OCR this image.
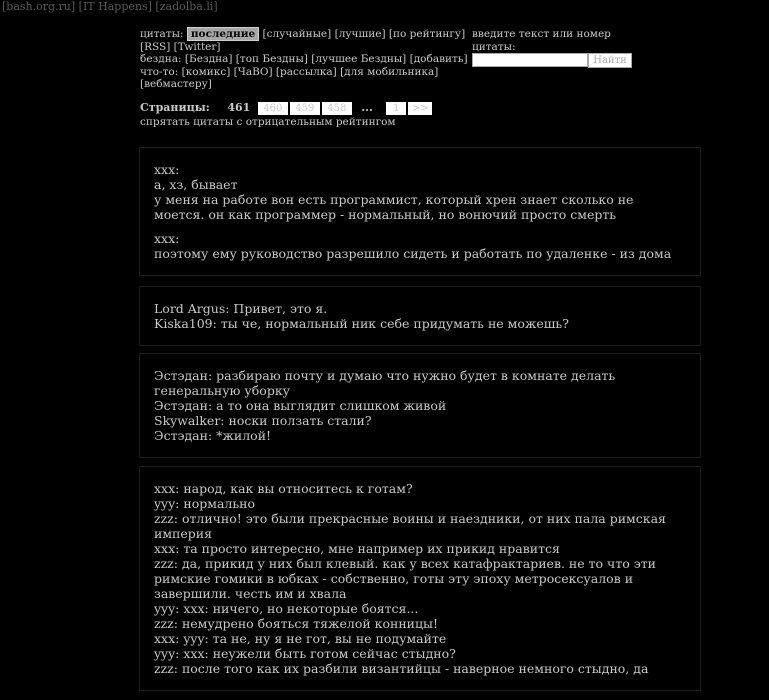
[bash.org.ru] [IT Happens] [zadolba.li]
цитаты: последние [случайные] [лучшие] [по рейтингу] [RSS] [Twitter]
бездна: [Бездна] [топ Бездны] [лучшее Бездны] [добавить]
что-то: [комикс] [ЧаВО] [рассылка] [для мобильника] [вебмастеру]
введите текст или номер цитаты:
Найти
Страницы: 461 460 459 458 ... 1 >>
спрятать цитаты с отрицательным рейтингом
xxx:
а, хз, бывает
у меня на работе вон есть программист, который хрен знает сколько не моется. он как программер - нормальный, но вонючий просто смерть
xxx:
поэтому ему руководство разрешило сидеть и работать по удаленке - из дома
Lord Argus: Привет, это я.
Kiska109: ты че, нормальный ник себе придумать не можешь?
Эстэдан: разбираю почту и думаю что нужно будет в комнате делать генеральную уборку
Эстэдан: а то она выглядит слишком живой
Skywalker: носки ползать стали?
Эстэдан: *жилой!
xxx: народ, как вы относитесь к готам?
yyy: нормально
zzz: отлично! это были прекрасные воины и наездники, от них пала римская империя
xxx: та просто интересно, мне например их прикид нравится
zzz: да, прикид у них был клевый. как у всех катафрактариев. не то что эти римские гомики в юбках - собственно, готы эту эпоху метросексуалов и завершили. честь им и хвала
yyy: xxx: ничего, но некоторые боятся...
zzz: немудрено бояться тяжелой конницы!
xxx: yyy: та не, ну я не гот, вы не подумайте
yyy: xxx: неужели быть готом сейчас стыдно?
zzz: после того как их разбили византийцы - наверное немного стыдно, да
